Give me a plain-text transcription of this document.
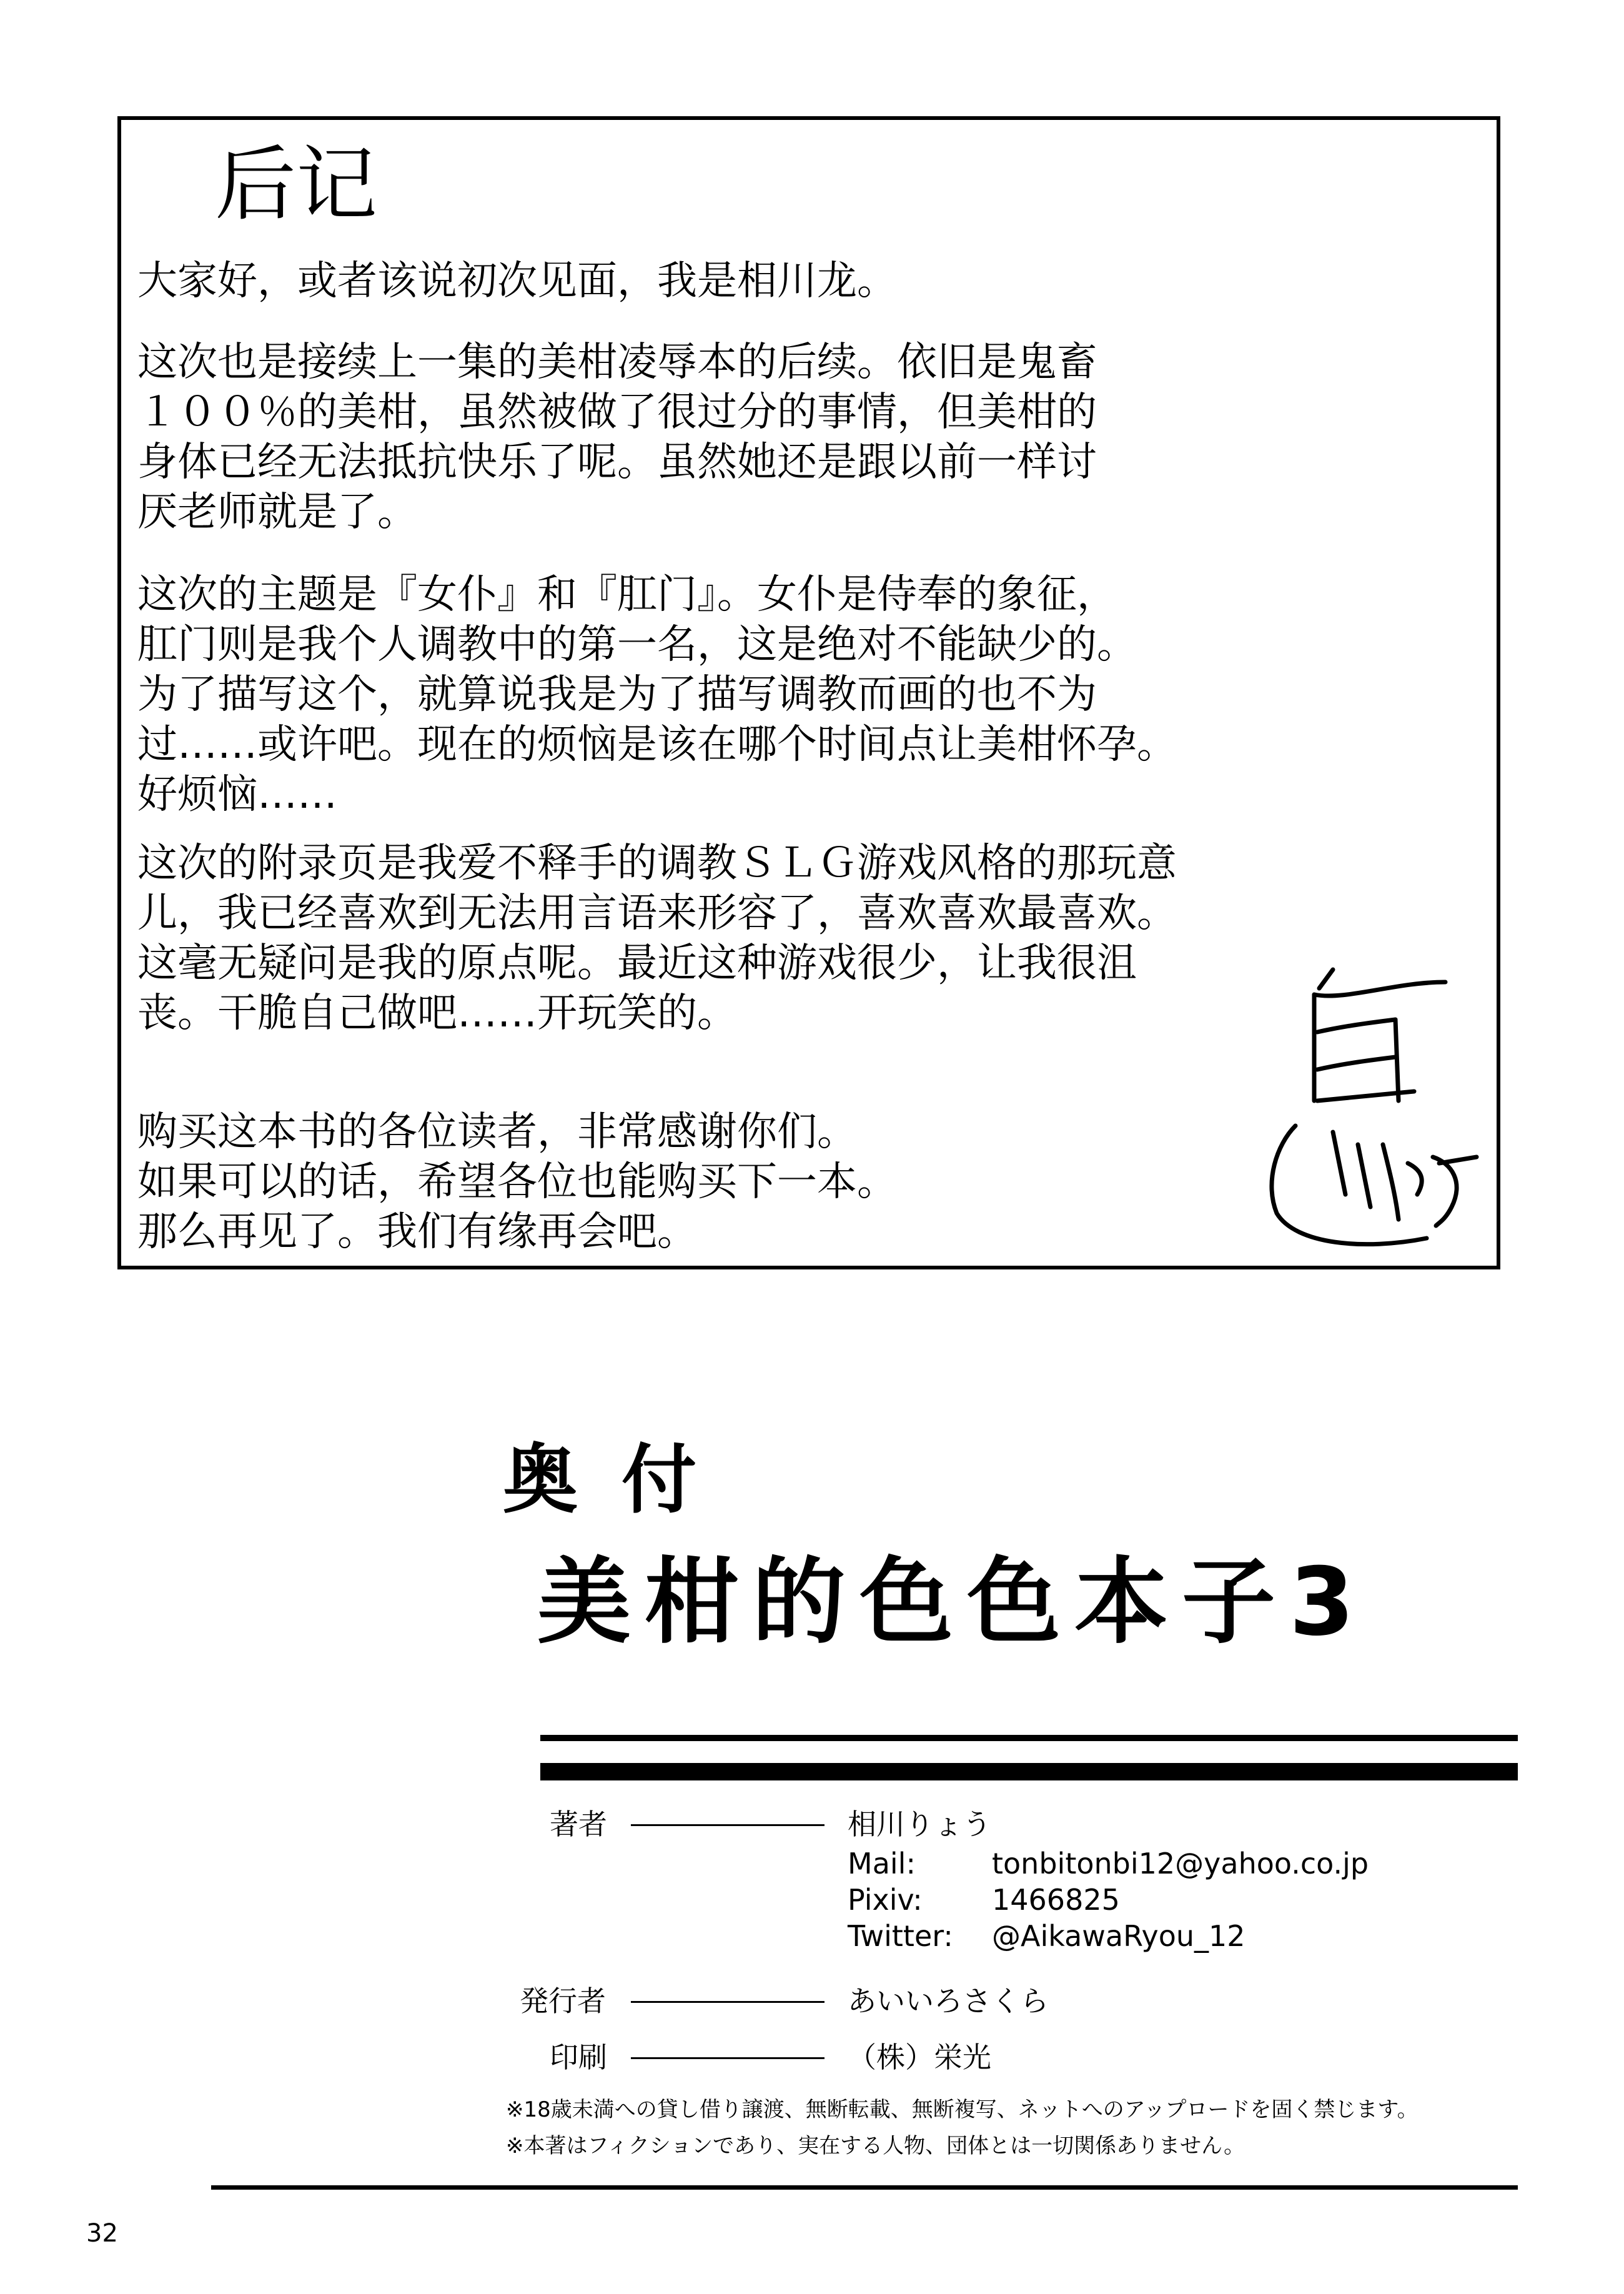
后记
大家好，或者该说初次见面，我是相川龙。
这次也是接续上一集的美柑凌辱本的后续。依旧是鬼畜
１００％的美柑，虽然被做了很过分的事情，但美柑的
身体已经无法抵抗快乐了呢。虽然她还是跟以前一样讨
厌老师就是了。
这次的主题是『女仆』和『肛门』。女仆是侍奉的象征，
肛门则是我个人调教中的第一名，这是绝对不能缺少的。
为了描写这个，就算说我是为了描写调教而画的也不为
过……或许吧。现在的烦恼是该在哪个时间点让美柑怀孕。
好烦恼……
这次的附录页是我爱不释手的调教ＳＬＧ游戏风格的那玩意
儿，我已经喜欢到无法用言语来形容了，喜欢喜欢最喜欢。
这毫无疑问是我的原点呢。最近这种游戏很少，让我很沮
丧。干脆自己做吧……开玩笑的。
购买这本书的各位读者，非常感谢你们。
如果可以的话，希望各位也能购买下一本。
那么再见了。我们有缘再会吧。
奥付
美柑的色色本子3
著者	相川りょう
Mail:	tonbitonbi12@yahoo.co.jp
Pixiv: 1466825
Twitter: @AikawaRyou_12
発行者	あいいろさくら
印刷	（株）栄光
※18歳未満への貸し借り譲渡、無断転載、無断複写、ネットへのアップロードを固く禁じます。
※本著はフィクションであり、実在する人物、団体とは一切関係ありません。
32
